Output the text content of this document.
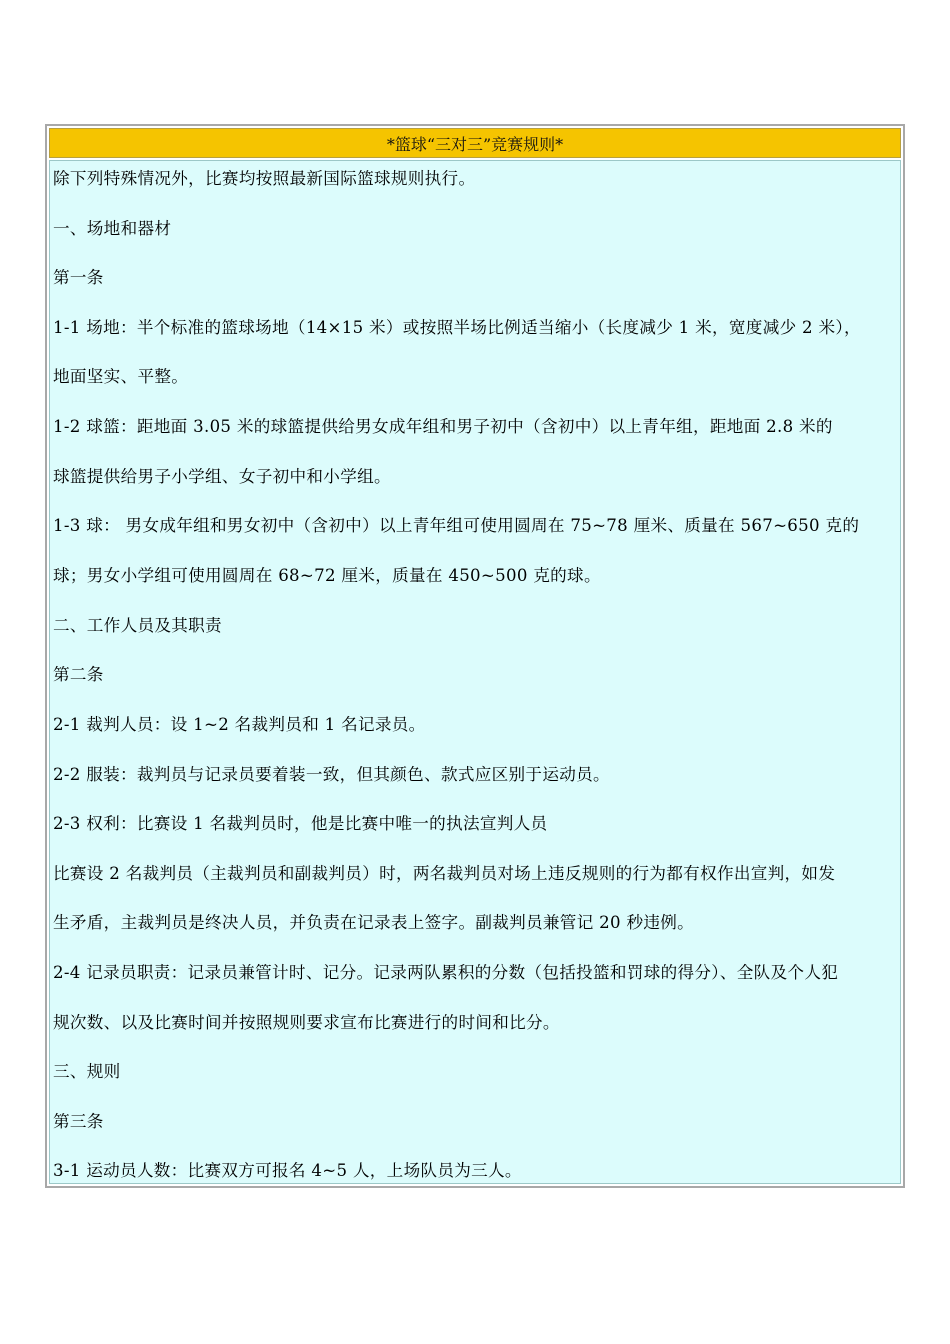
*篮球“三对三”竞赛规则*
除下列特殊情况外，比赛均按照最新国际篮球规则执行。
一、场地和器材
第一条
1-1 场地：半个标准的篮球场地（14×15 米）或按照半场比例适当缩小（长度减少 1 米，宽度减少 2 米），
地面坚实、平整。
1-2 球篮：距地面 3.05 米的球篮提供给男女成年组和男子初中（含初中）以上青年组，距地面 2.8 米的
球篮提供给男子小学组、女子初中和小学组。
1-3 球： 男女成年组和男女初中（含初中）以上青年组可使用圆周在 75~78 厘米、质量在 567~650 克的
球；男女小学组可使用圆周在 68~72 厘米，质量在 450~500 克的球。
二、工作人员及其职责
第二条
2-1 裁判人员：设 1~2 名裁判员和 1 名记录员。
2-2 服装：裁判员与记录员要着装一致，但其颜色、款式应区别于运动员。
2-3 权利：比赛设 1 名裁判员时，他是比赛中唯一的执法宣判人员
比赛设 2 名裁判员（主裁判员和副裁判员）时，两名裁判员对场上违反规则的行为都有权作出宣判，如发
生矛盾，主裁判员是终决人员，并负责在记录表上签字。副裁判员兼管记 20 秒违例。
2-4 记录员职责：记录员兼管计时、记分。记录两队累积的分数（包括投篮和罚球的得分）、全队及个人犯
规次数、以及比赛时间并按照规则要求宣布比赛进行的时间和比分。
三、规则
第三条
3-1 运动员人数：比赛双方可报名 4~5 人，上场队员为三人。
